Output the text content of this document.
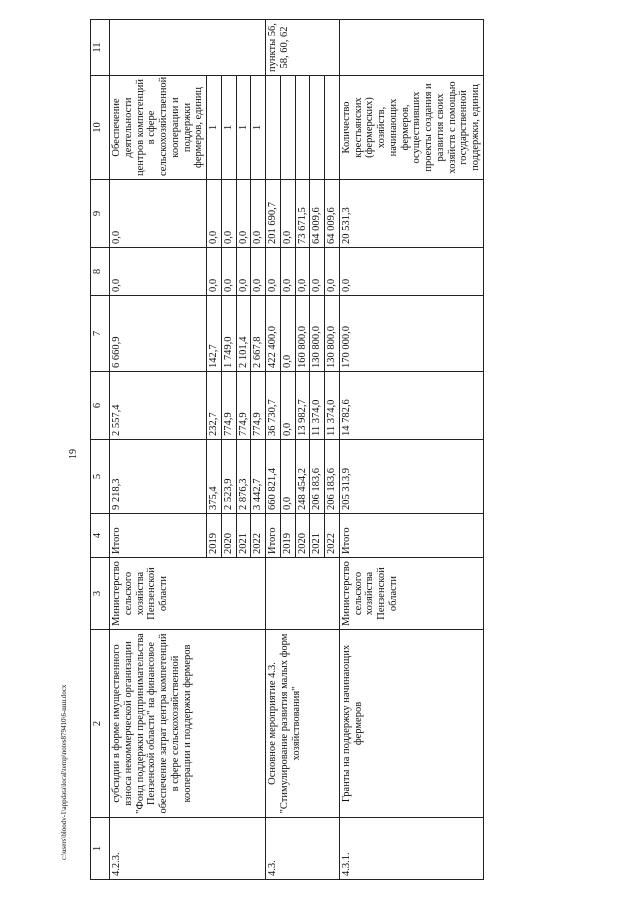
19
c:\users\bloodv-1\appdata\local\temp\notes879410\6-шш.docx 1	2	3	4	5	6	7	8	9	10	11
4.2.3.	субсидии в форме имущественного взноса некоммерческой организации "Фонд поддержки предпринимательства Пензенской области" на финансовое обеспечение затрат центра компетенций в сфере сельскохозяйственной кооперации и поддержки фермеров	Министерство сельского хозяйства Пензенской области	Итого	9 218,3	2 557,4	6 660,9	0,0	0,0	Обеспечение деятельности центров компетенций в сфере сельскохозяйственной кооперации и поддержки фермеров, единиц	
			2019	375,4	232,7	142,7	0,0	0,0	1	
			2020	2 523,9	774,9	1 749,0	0,0	0,0	1	
			2021	2 876,3	774,9	2 101,4	0,0	0,0	1	
			2022	3 442,7	774,9	2 667,8	0,0	0,0	1	
4.3.	Основное мероприятие 4.3. "Стимулирование развития малых форм хозяйствования"		Итого	660 821,4	36 730,7	422 400,0	0,0	201 690,7		пункты 56, 58, 60, 62
			2019	0,0	0,0	0,0	0,0	0,0		
			2020	248 454,2	13 982,7	160 800,0	0,0	73 671,5		
			2021	206 183,6	11 374,0	130 800,0	0,0	64 009,6		
			2022	206 183,6	11 374,0	130 800,0	0,0	64 009,6		
4.3.1.	Гранты на поддержку начинающих фермеров	Министерство сельского хозяйства Пензенской области	Итого	205 313,9	14 782,6	170 000,0	0,0	20 531,3	Количество крестьянских (фермерских) хозяйств, начинающих фермеров, осуществивших проекты создания и развития своих хозяйств с помощью государственной поддержки, единиц	
